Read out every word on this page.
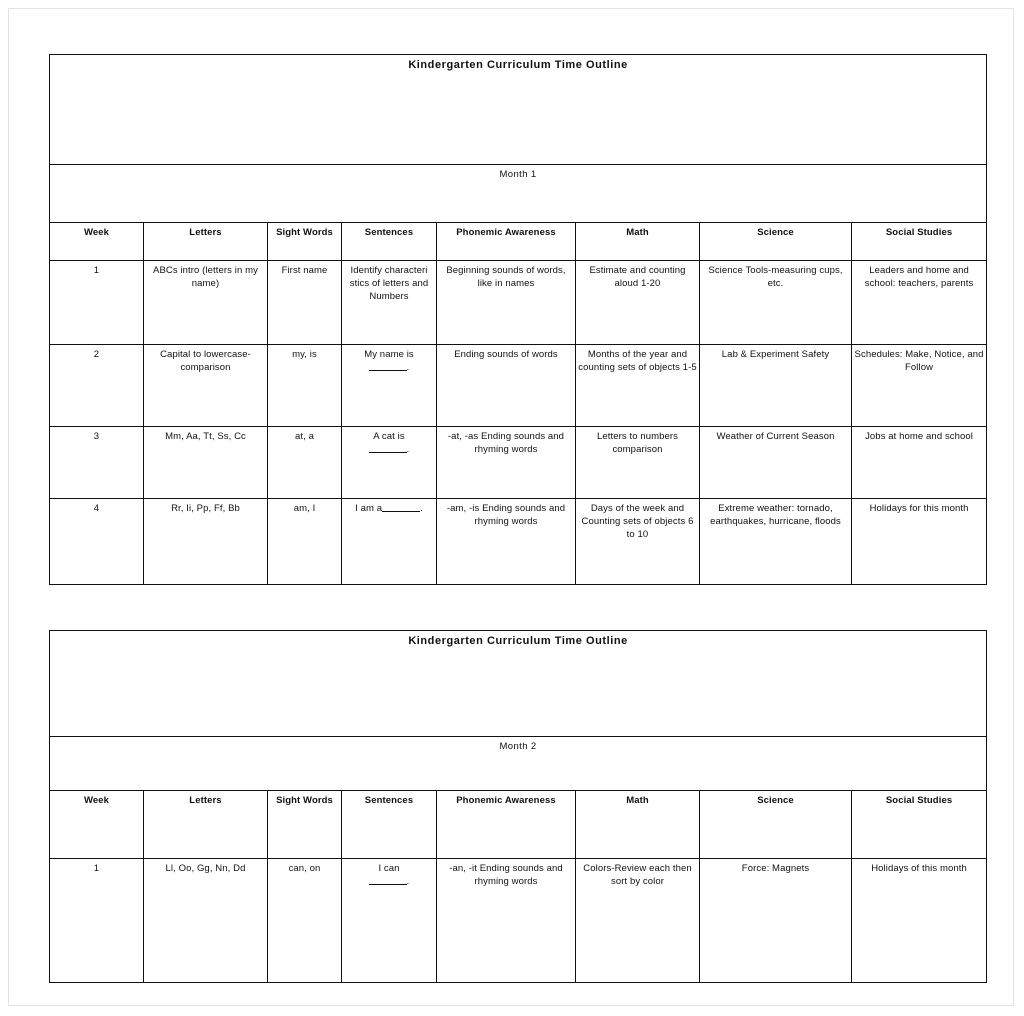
Kindergarten Curriculum Time Outline							

Month 1							

Week	Letters	Sight Words	Sentences	Phonemic Awareness	Math	Science	Social Studies
1	ABCs intro (letters in my name)	First name	Identify characteri stics of letters and Numbers	Beginning sounds of words, like in names	Estimate and counting aloud 1-20	Science Tools-measuring cups, etc.	Leaders and home and school: teachers, parents
2	Capital to lowercase-comparison	my, is	My name is .	Ending sounds of words	Months of the year and counting sets of objects 1-5	Lab & Experiment Safety	Schedules: Make, Notice, and Follow
3	Mm, Aa, Tt, Ss, Cc	at, a	A cat is
.	-at, -as Ending sounds and rhyming words	Letters to numbers comparison	Weather of Current Season	Jobs at home and school
4	Rr, Ii, Pp, Ff, Bb	am, I	I am a .	-am, -is Ending sounds and rhyming words	Days of the week and Counting sets of objects 6 to 10	Extreme weather: tornado, earthquakes, hurricane, floods	Holidays for this month
Kindergarten Curriculum Time Outline							

Month 2							

Week	Letters	Sight Words	Sentences	Phonemic Awareness	Math	Science	Social Studies
1	Ll, Oo, Gg, Nn, Dd	can, on	I can
.	-an, -it Ending sounds and rhyming words	Colors-Review each then sort by color	Force: Magnets	Holidays of this month
